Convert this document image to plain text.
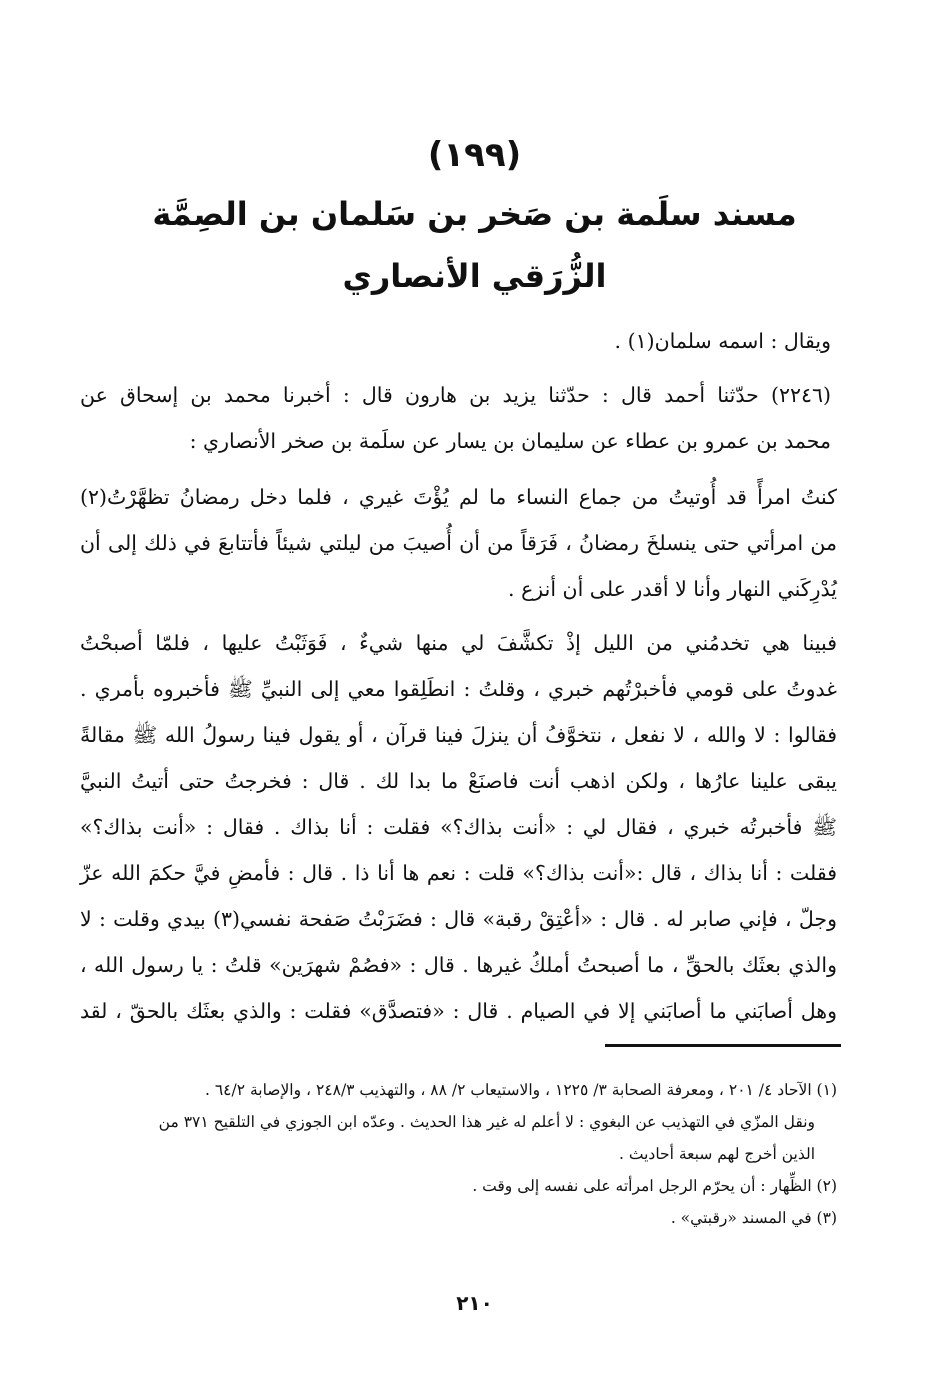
(١٩٩)
مسند سلَمة بن صَخر بن سَلمان بن الصِمَّة
الزُّرَقي الأنصاري
ويقال : اسمه سلمان(١) .
(٢٢٤٦) حدّثنا أحمد قال : حدّثنا يزيد بن هارون قال : أخبرنا محمد بن إسحاق عن
محمد بن عمرو بن عطاء عن سليمان بن يسار عن سلَمة بن صخر الأنصاري :
كنتُ امرأً قد أُوتيتُ من جماع النساء ما لم يُؤْتَ غيري ، فلما دخل رمضانُ تظهَّرْتُ(٢)
من امرأتي حتى ينسلخَ رمضانُ ، فَرَقاً من أن أُصيبَ من ليلتي شيئاً فأتتابعَ في ذلك إلى أن
يُدْرِكَني النهار وأنا لا أقدر على أن أنزع .
فبينا هي تخدمُني من الليل إذْ تكشَّفَ لي منها شيءٌ ، فَوَثَبْتُ عليها ، فلمّا أصبحْتُ
غدوتُ على قومي فأخبرْتُهم خبري ، وقلتُ : انطَلِقوا معي إلى النبيِّ ﷺ فأخبروه بأمري .
فقالوا : لا والله ، لا نفعل ، نتخوَّفُ أن ينزلَ فينا قرآن ، أو يقول فينا رسولُ الله ﷺ مقالةً
يبقى علينا عارُها ، ولكن اذهب أنت فاصنَعْ ما بدا لك . قال : فخرجتُ حتى أتيتُ النبيَّ
ﷺ فأخبرتُه خبري ، فقال لي : «أنت بذاك؟» فقلت : أنا بذاك . فقال : «أنت بذاك؟»
فقلت : أنا بذاك ، قال :«أنت بذاك؟» قلت : نعم ها أنا ذا . قال : فأمضِ فيَّ حكمَ الله عزّ
وجلّ ، فإني صابر له . قال : «أعْتِقْ رقبة» قال : فضَرَبْتُ صَفحة نفسي(٣) بيدي وقلت : لا
والذي بعثَك بالحقِّ ، ما أصبحتُ أملكُ غيرها . قال : «فصُمْ شهرَين» قلتُ : يا رسول الله ،
وهل أصابَني ما أصابَني إلا في الصيام . قال : «فتصدَّق» فقلت : والذي بعثَك بالحقّ ، لقد
(١) الآحاد ٤/ ٢٠١ ، ومعرفة الصحابة ٣/ ١٢٢٥ ، والاستيعاب ٢/ ٨٨ ، والتهذيب ٢٤٨/٣ ، والإصابة ٦٤/٢ .
ونقل المزّي في التهذيب عن البغوي : لا أعلم له غير هذا الحديث . وعدّه ابن الجوزي في التلقيح ٣٧١ من
الذين أخرج لهم سبعة أحاديث .
(٢) الظِّهار : أن يحرّم الرجل امرأته على نفسه إلى وقت .
(٣) في المسند «رقبتي» .
٢١٠
